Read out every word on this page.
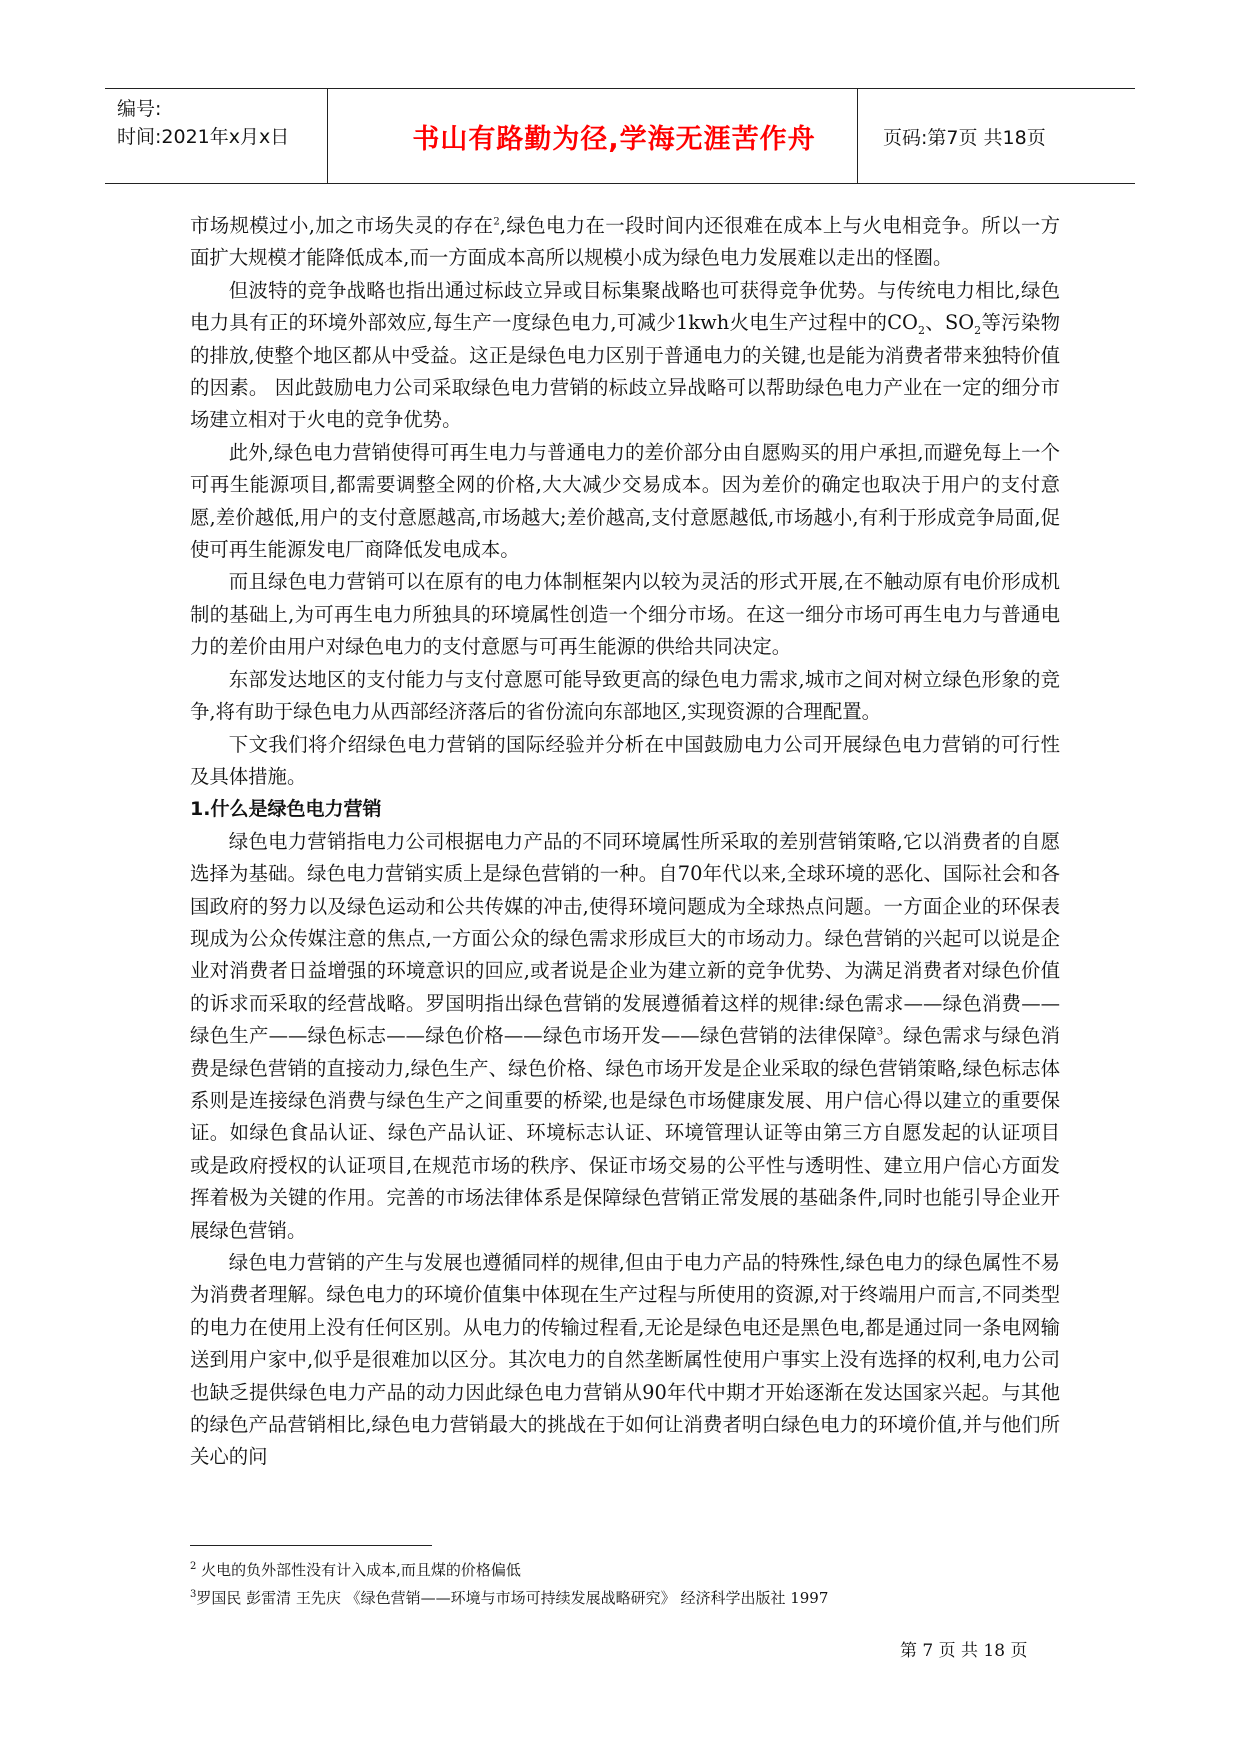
编号:
时间:2021年x月x日	书山有路勤为径,学海无涯苦作舟	页码:第7页 共18页

市场规模过小,加之市场失灵的存在$^2$,绿色电力在一段时间内还很难在成本上与火电相竞争。所以一方面扩大规模才能降低成本,而一方面成本高所以规模小成为绿色电力发展难以走出的怪圈。

但波特的竞争战略也指出通过标歧立异或目标集聚战略也可获得竞争优势。与传统电力相比,绿色电力具有正的环境外部效应,每生产一度绿色电力,可减少1kwh火电生产过程中的$CO_2$、$SO_2$等污染物的排放,使整个地区都从中受益。这正是绿色电力区别于普通电力的关键,也是能为消费者带来独特价值的因素。 因此鼓励电力公司采取绿色电力营销的标歧立异战略可以帮助绿色电力产业在一定的细分市场建立相对于火电的竞争优势。

此外,绿色电力营销使得可再生电力与普通电力的差价部分由自愿购买的用户承担,而避免每上一个可再生能源项目,都需要调整全网的价格,大大减少交易成本。因为差价的确定也取决于用户的支付意愿,差价越低,用户的支付意愿越高,市场越大;差价越高,支付意愿越低,市场越小,有利于形成竞争局面,促使可再生能源发电厂商降低发电成本。

而且绿色电力营销可以在原有的电力体制框架内以较为灵活的形式开展,在不触动原有电价形成机制的基础上,为可再生电力所独具的环境属性创造一个细分市场。在这一细分市场可再生电力与普通电力的差价由用户对绿色电力的支付意愿与可再生能源的供给共同决定。

东部发达地区的支付能力与支付意愿可能导致更高的绿色电力需求,城市之间对树立绿色形象的竞争,将有助于绿色电力从西部经济落后的省份流向东部地区,实现资源的合理配置。

下文我们将介绍绿色电力营销的国际经验并分析在中国鼓励电力公司开展绿色电力营销的可行性及具体措施。

1.什么是绿色电力营销

绿色电力营销指电力公司根据电力产品的不同环境属性所采取的差别营销策略,它以消费者的自愿选择为基础。绿色电力营销实质上是绿色营销的一种。自70年代以来,全球环境的恶化、国际社会和各国政府的努力以及绿色运动和公共传媒的冲击,使得环境问题成为全球热点问题。一方面企业的环保表现成为公众传媒注意的焦点,一方面公众的绿色需求形成巨大的市场动力。绿色营销的兴起可以说是企业对消费者日益增强的环境意识的回应,或者说是企业为建立新的竞争优势、为满足消费者对绿色价值的诉求而采取的经营战略。罗国明指出绿色营销的发展遵循着这样的规律:绿色需求——绿色消费——绿色生产——绿色标志——绿色价格——绿色市场开发——绿色营销的法律保障$^3$。绿色需求与绿色消费是绿色营销的直接动力,绿色生产、绿色价格、绿色市场开发是企业采取的绿色营销策略,绿色标志体系则是连接绿色消费与绿色生产之间重要的桥梁,也是绿色市场健康发展、用户信心得以建立的重要保证。如绿色食品认证、绿色产品认证、环境标志认证、环境管理认证等由第三方自愿发起的认证项目或是政府授权的认证项目,在规范市场的秩序、保证市场交易的公平性与透明性、建立用户信心方面发挥着极为关键的作用。完善的市场法律体系是保障绿色营销正常发展的基础条件,同时也能引导企业开展绿色营销。

绿色电力营销的产生与发展也遵循同样的规律,但由于电力产品的特殊性,绿色电力的绿色属性不易为消费者理解。绿色电力的环境价值集中体现在生产过程与所使用的资源,对于终端用户而言,不同类型的电力在使用上没有任何区别。从电力的传输过程看,无论是绿色电还是黑色电,都是通过同一条电网输送到用户家中,似乎是很难加以区分。其次电力的自然垄断属性使用户事实上没有选择的权利,电力公司也缺乏提供绿色电力产品的动力因此绿色电力营销从90年代中期才开始逐渐在发达国家兴起。与其他的绿色产品营销相比,绿色电力营销最大的挑战在于如何让消费者明白绿色电力的环境价值,并与他们所关心的问

$^2$ 火电的负外部性没有计入成本,而且煤的价格偏低
$^3$罗国民 彭雷清 王先庆 《绿色营销——环境与市场可持续发展战略研究》 经济科学出版社 1997
第 7 页 共 18 页
